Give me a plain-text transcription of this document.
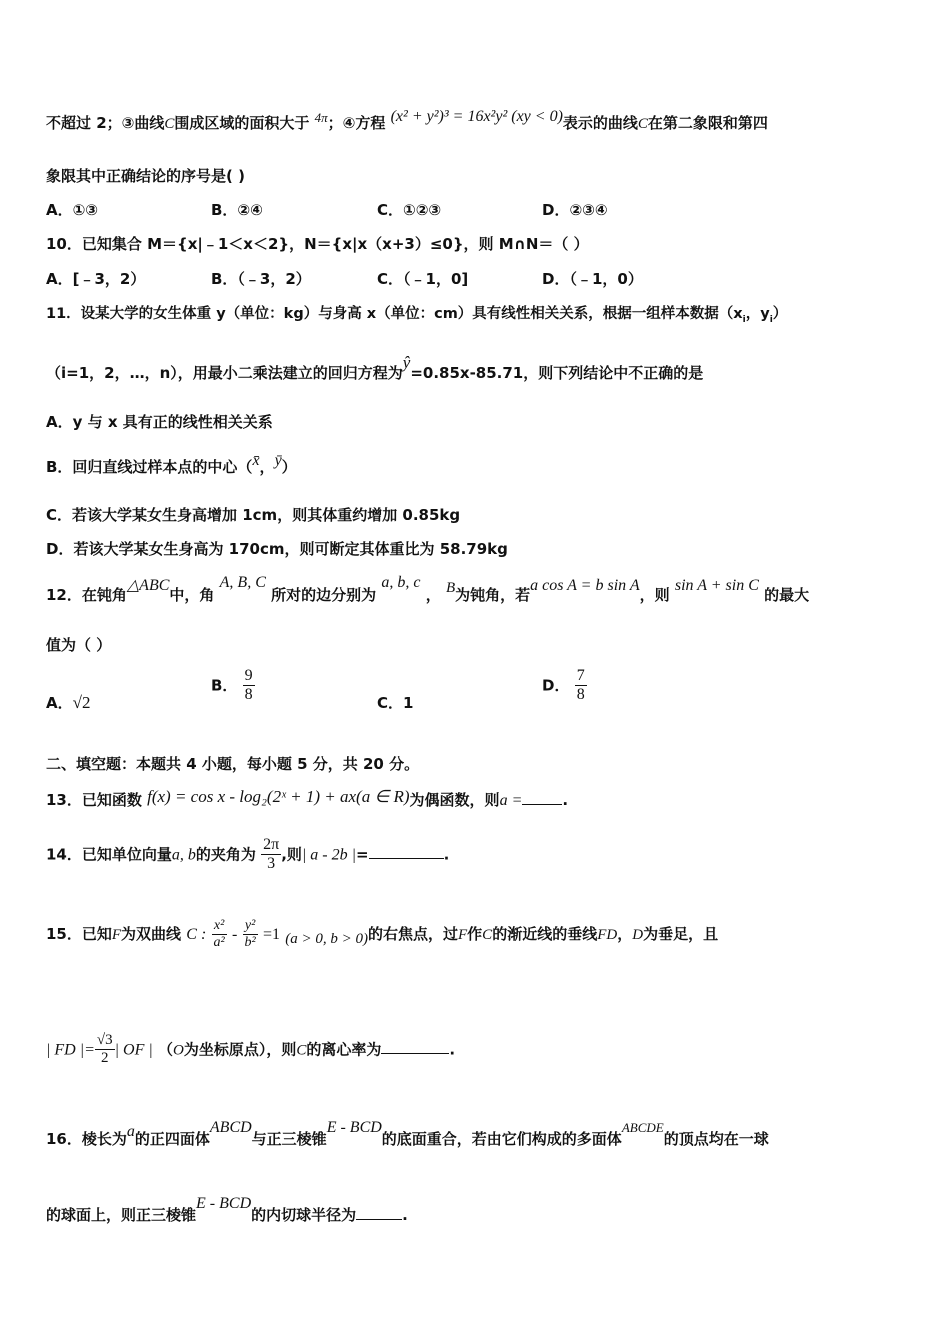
不超过 2；③曲线C围成区域的面积大于 4π；④方程 (x² + y²)³ = 16x²y² (xy < 0)表示的曲线C在第二象限和第四
象限其中正确结论的序号是( )
A．①③	B．②④	C．①②③	D．②③④
10．已知集合 M＝{x|﹣1＜x＜2}，N＝{x|x（x+3）≤0}，则 M∩N＝（ ）
A．[﹣3，2）	B．（﹣3，2）	C．（﹣1，0]	D．（﹣1，0）
11．设某大学的女生体重 y（单位：kg）与身高 x（单位：cm）具有线性相关关系，根据一组样本数据（$x_i$，$y_i$）
（i=1，2，…，n），用最小二乘法建立的回归方程为ŷ=0.85x-85.71，则下列结论中不正确的是
A．y 与 x 具有正的线性相关关系
B．回归直线过样本点的中心（x̄，ȳ）
C．若该大学某女生身高增加 1cm，则其体重约增加 0.85kg
D．若该大学某女生身高为 170cm，则可断定其体重比为 58.79kg
12．在钝角△ABC中，角 A, B, C 所对的边分别为 a, b, c ， B为钝角，若a cos A = b sin A，则 sin A + sin C 的最大
值为（ ）
A．√2
B． $\frac{9}{8}$	C．1
D． $\frac{7}{8}$
二、填空题：本题共 4 小题，每小题 5 分，共 20 分。
13．已知函数 f(x) = cos x - log₂(2ˣ + 1) + ax(a ∈ R)为偶函数，则a =	.
14．已知单位向量a, b的夹角为 $\frac{2\pi}{3}$ ,则| a - 2b |=	.
15．已知F为双曲线 C : $\frac{\text{x²}}{\text{a²}} - \frac{\text{y²}}{\text{b²}} =1$ (a > 0, b > 0)的右焦点，过F作C的渐近线的垂线FD，D为垂足，且
| FD |= $\frac{√3}{2}$ | OF | （O为坐标原点），则C的离心率为	.
16．棱长为a的正四面体ABCD与正三棱锥E - BCD的底面重合，若由它们构成的多面体ABCDE的顶点均在一球
的球面上，则正三棱锥E - BCD的内切球半径为	.
